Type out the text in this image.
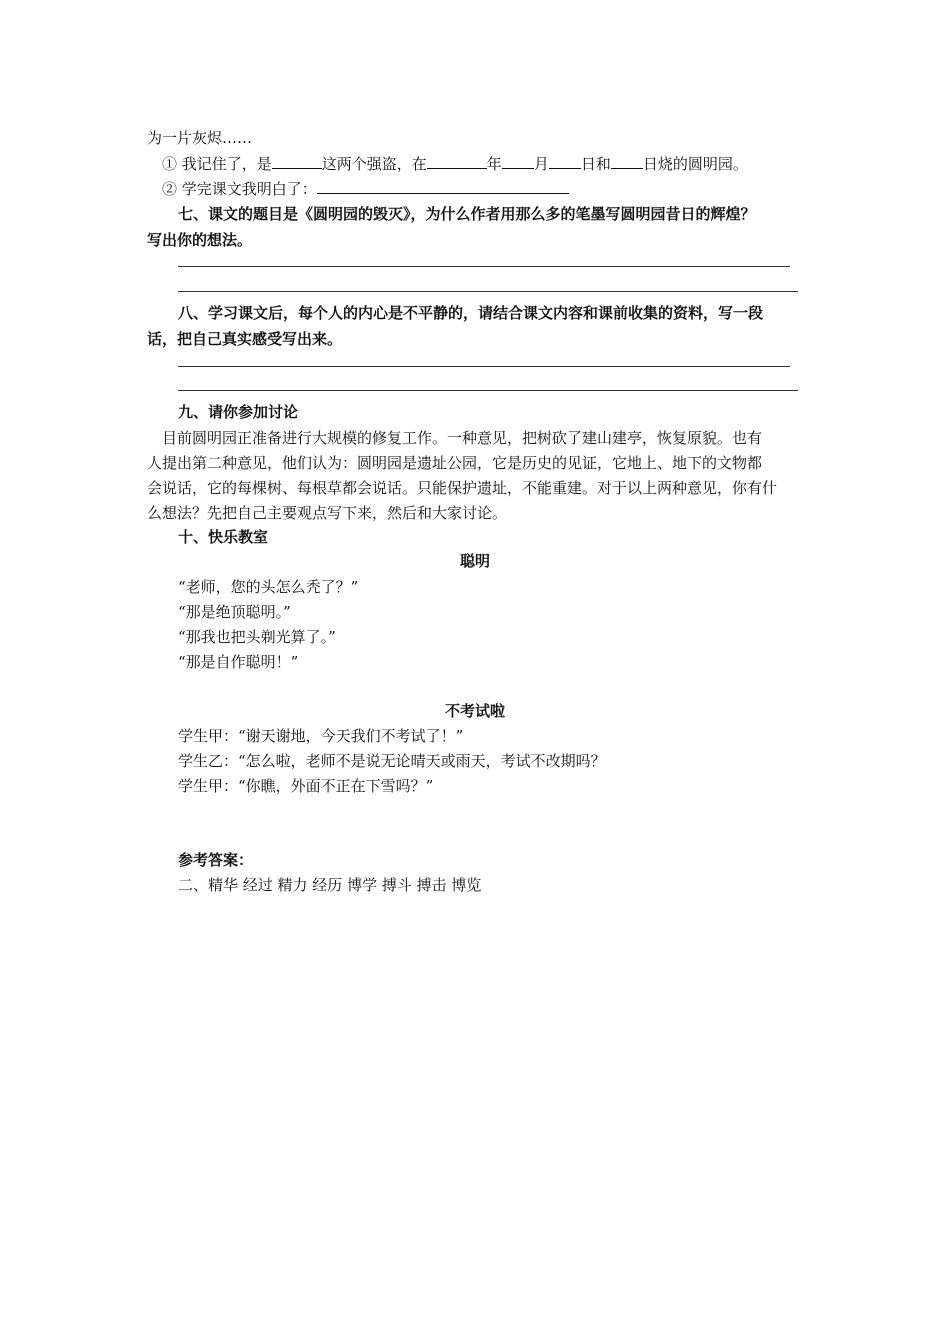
为一片灰烬……
① 我记住了，是	这两个强盗，在	年 月 日和 日烧的圆明园。
② 学完课文我明白了：
七、课文的题目是《圆明园的毁灭》，为什么作者用那么多的笔墨写圆明园昔日的辉煌？
写出你的想法。
八、学习课文后，每个人的内心是不平静的，请结合课文内容和课前收集的资料，写一段
话，把自己真实感受写出来。
九、请你参加讨论
目前圆明园正准备进行大规模的修复工作。一种意见，把树砍了建山建亭，恢复原貌。也有
人提出第二种意见，他们认为：圆明园是遗址公园，它是历史的见证，它地上、地下的文物都
会说话，它的每棵树、每根草都会说话。只能保护遗址，不能重建。对于以上两种意见，你有什
么想法？先把自己主要观点写下来，然后和大家讨论。
十、快乐教室
聪明
“老师，您的头怎么秃了？”
“那是绝顶聪明。”
“那我也把头剃光算了。”
“那是自作聪明！”
不考试啦
学生甲：“谢天谢地，今天我们不考试了！”
学生乙：“怎么啦，老师不是说无论晴天或雨天，考试不改期吗？
学生甲：“你瞧，外面不正在下雪吗？”
参考答案：
二、精华 经过 精力 经历 博学 搏斗 搏击 博览
